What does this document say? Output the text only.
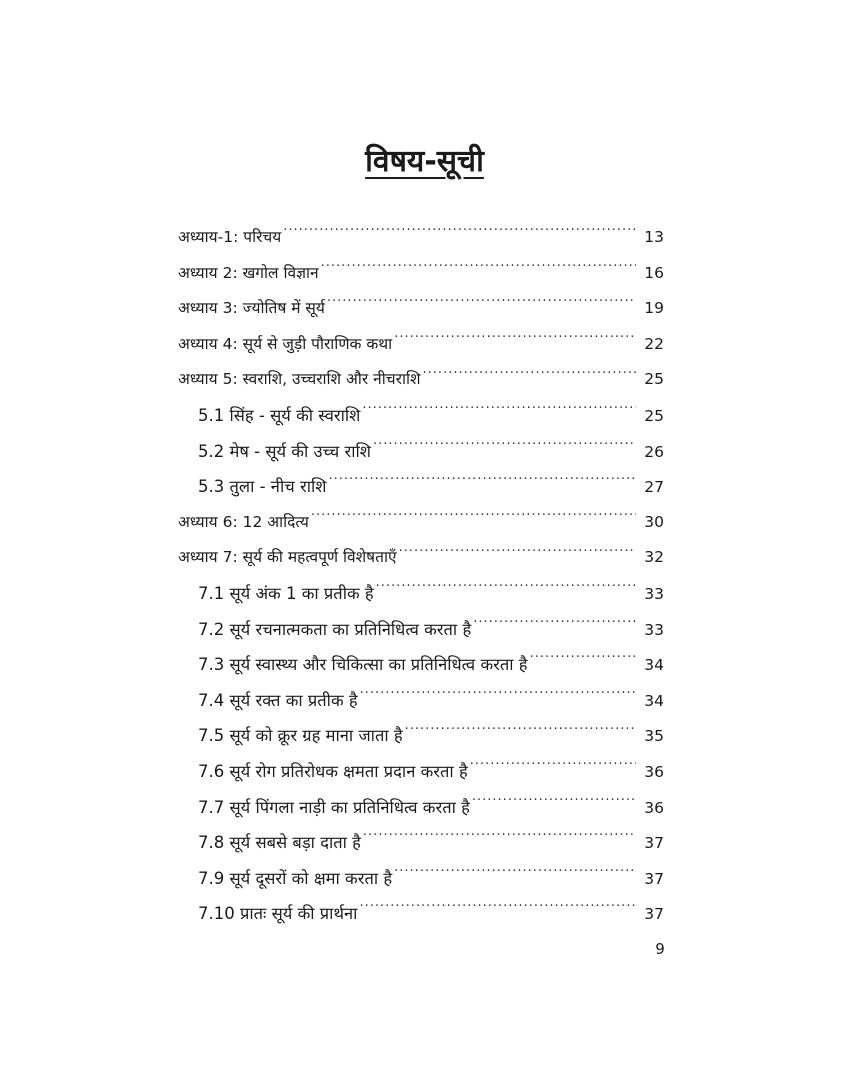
विषय-सूची
अध्याय-1: परिचय .....	13
अध्याय 2: खगोल विज्ञान .....	16
अध्याय 3: ज्योतिष में सूर्य .....	19
अध्याय 4: सूर्य से जुड़ी पौराणिक कथा .....	22
अध्याय 5: स्वराशि, उच्चराशि और नीचराशि .....	25
5.1 सिंह - सूर्य की स्वराशि .....	25
5.2 मेष - सूर्य की उच्च राशि .....	26
5.3 तुला - नीच राशि .....	27
अध्याय 6: 12 आदित्य .....	30
अध्याय 7: सूर्य की महत्वपूर्ण विशेषताएँ .....	32
7.1 सूर्य अंक 1 का प्रतीक है .....	33
7.2 सूर्य रचनात्मकता का प्रतिनिधित्व करता है .....	33
7.3 सूर्य स्वास्थ्य और चिकित्सा का प्रतिनिधित्व करता है .....	34
7.4 सूर्य रक्त का प्रतीक है .....	34
7.5 सूर्य को क्रूर ग्रह माना जाता है .....	35
7.6 सूर्य रोग प्रतिरोधक क्षमता प्रदान करता है .....	36
7.7 सूर्य पिंगला नाड़ी का प्रतिनिधित्व करता है .....	36
7.8 सूर्य सबसे बड़ा दाता है .....	37
7.9 सूर्य दूसरों को क्षमा करता है .....	37
7.10 प्रातः सूर्य की प्रार्थना .....	37
9
